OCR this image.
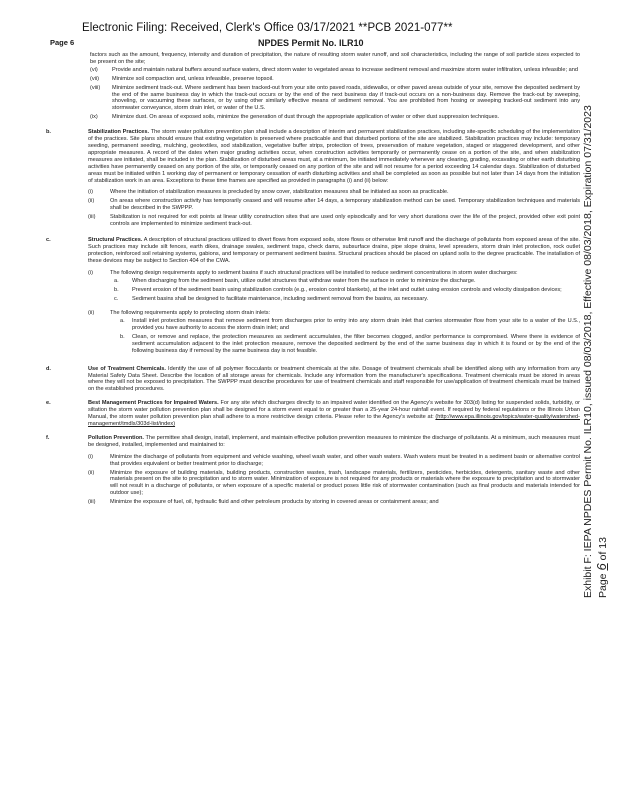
Electronic Filing: Received, Clerk's Office 03/17/2021 **PCB 2021-077**
Page 6	NPDES Permit No. ILR10

factors such as the amount, frequency, intensity and duration of precipitation, the nature of resulting storm water runoff, and soil characteristics, including the range of soil particle sizes expected to be present on the site;

(vi)	Provide and maintain natural buffers around surface waters, direct storm water to vegetated areas to increase sediment removal and maximize storm water infiltration, unless infeasible; and
(vii)	Minimize soil compaction and, unless infeasible, preserve topsoil.
(viii)	Minimize sediment track-out. Where sediment has been tracked-out from your site onto paved roads, sidewalks, or other paved areas outside of your site, remove the deposited sediment by the end of the same business day in which the track-out occurs or by the end of the next business day if track-out occurs on a non-business day. Remove the track-out by sweeping, shoveling, or vacuuming these surfaces, or by using other similarly effective means of sediment removal. You are prohibited from hosing or sweeping tracked-out sediment into any stormwater conveyance, storm drain inlet, or water of the U.S.
(ix)	Minimize dust. On areas of exposed soils, minimize the generation of dust through the appropriate application of water or other dust suppression techniques.
b.	Stabilization Practices. The storm water pollution prevention plan shall include a description of interim and permanent stabilization practices, including site-specific scheduling of the implementation of the practices. Site plans should ensure that existing vegetation is preserved where practicable and that disturbed portions of the site are stabilized. Stabilization practices may include: temporary seeding, permanent seeding, mulching, geotextiles, sod stabilization, vegetative buffer strips, protection of trees, preservation of mature vegetation, staged or staggered development, and other appropriate measures. A record of the dates when major grading activities occur, when construction activities temporarily or permanently cease on a portion of the site, and when stabilization measures are initiated, shall be included in the plan. Stabilization of disturbed areas must, at a minimum, be initiated immediately whenever any clearing, grading, excavating or other earth disturbing activities have permanently ceased on any portion of the site, or temporarily ceased on any portion of the site and will not resume for a period exceeding 14 calendar days. Stabilization of disturbed areas must be initiated within 1 working day of permanent or temporary cessation of earth disturbing activities and shall be completed as soon as possible but not later than 14 days from the initiation of stabilization work in an area. Exceptions to these time frames are specified as provided in paragraphs (i) and (ii) below:

(i)	Where the initiation of stabilization measures is precluded by snow cover, stabilization measures shall be initiated as soon as practicable.
(ii)	On areas where construction activity has temporarily ceased and will resume after 14 days, a temporary stabilization method can be used. Temporary stabilization techniques and materials shall be described in the SWPPP.
(iii)	Stabilization is not required for exit points at linear utility construction sites that are used only episodically and for very short durations over the life of the project, provided other exit point controls are implemented to minimize sediment track-out.
c.	Structural Practices. A description of structural practices utilized to divert flows from exposed soils, store flows or otherwise limit runoff and the discharge of pollutants from exposed areas of the site. Such practices may include silt fences, earth dikes, drainage swales, sediment traps, check dams, subsurface drains, pipe slope drains, level spreaders, storm drain inlet protection, rock outlet protection, reinforced soil retaining systems, gabions, and temporary or permanent sediment basins. Structural practices should be placed on upland soils to the degree practicable. The installation of these devices may be subject to Section 404 of the CWA.

(i)	The following design requirements apply to sediment basins if such structural practices will be installed to reduce sediment concentrations in storm water discharges:
a.	When discharging from the sediment basin, utilize outlet structures that withdraw water from the surface in order to minimize the discharge.
b.	Prevent erosion of the sediment basin using stabilization controls (e.g., erosion control blankets), at the inlet and outlet using erosion controls and velocity dissipation devices;
c.	Sediment basins shall be designed to facilitate maintenance, including sediment removal from the basins, as necessary.
(ii)	The following requirements apply to protecting storm drain inlets:
a.	Install inlet protection measures that remove sediment from discharges prior to entry into any storm drain inlet that carries stormwater flow from your site to a water of the U.S., provided you have authority to access the storm drain inlet; and
b.	Clean, or remove and replace, the protection measures as sediment accumulates, the filter becomes clogged, and/or performance is compromised. Where there is evidence of sediment accumulation adjacent to the inlet protection measure, remove the deposited sediment by the end of the same business day in which it is found or by the end of the following business day if removal by the same business day is not feasible.
d.	Use of Treatment Chemicals. Identify the use of all polymer flocculants or treatment chemicals at the site. Dosage of treatment chemicals shall be identified along with any information from any Material Safety Data Sheet. Describe the location of all storage areas for chemicals. Include any information from the manufacturer's specifications. Treatment chemicals must be stored in areas where they will not be exposed to precipitation. The SWPPP must describe procedures for use of treatment chemicals and staff responsible for use/application of treatment chemicals must be trained on the established procedures.

e.	Best Management Practices for Impaired Waters. For any site which discharges directly to an impaired water identified on the Agency's website for 303(d) listing for suspended solids, turbidity, or siltation the storm water pollution prevention plan shall be designed for a storm event equal to or greater than a 25-year 24-hour rainfall event. If required by federal regulations or the Illinois Urban Manual, the storm water pollution prevention plan shall adhere to a more restrictive design criteria. Please refer to the Agency's website at: (http://www.epa.illinois.gov/topics/water-quality/watershed-management/tmdls/303d-list/index)

f.	Pollution Prevention. The permittee shall design, install, implement, and maintain effective pollution prevention measures to minimize the discharge of pollutants. At a minimum, such measures must be designed, installed, implemented and maintained to:

(i)	Minimize the discharge of pollutants from equipment and vehicle washing, wheel wash water, and other wash waters. Wash waters must be treated in a sediment basin or alternative control that provides equivalent or better treatment prior to discharge;
(ii)	Minimize the exposure of building materials, building products, construction wastes, trash, landscape materials, fertilizers, pesticides, herbicides, detergents, sanitary waste and other materials present on the site to precipitation and to storm water. Minimization of exposure is not required for any products or materials where the exposure to precipitation and to stormwater will not result in a discharge of pollutants, or when exposure of a specific material or product poses little risk of stormwater contamination (such as final products and materials intended for outdoor use);
(iii)	Minimize the exposure of fuel, oil, hydraulic fluid and other petroleum products by storing in covered areas or containment areas; and	Exhibit F: IEPA NPDES Permit No. ILR10, issued 08/03/2018, Effective 08/03/2018, Expiration 07/31/2023 Page 6 of 13
